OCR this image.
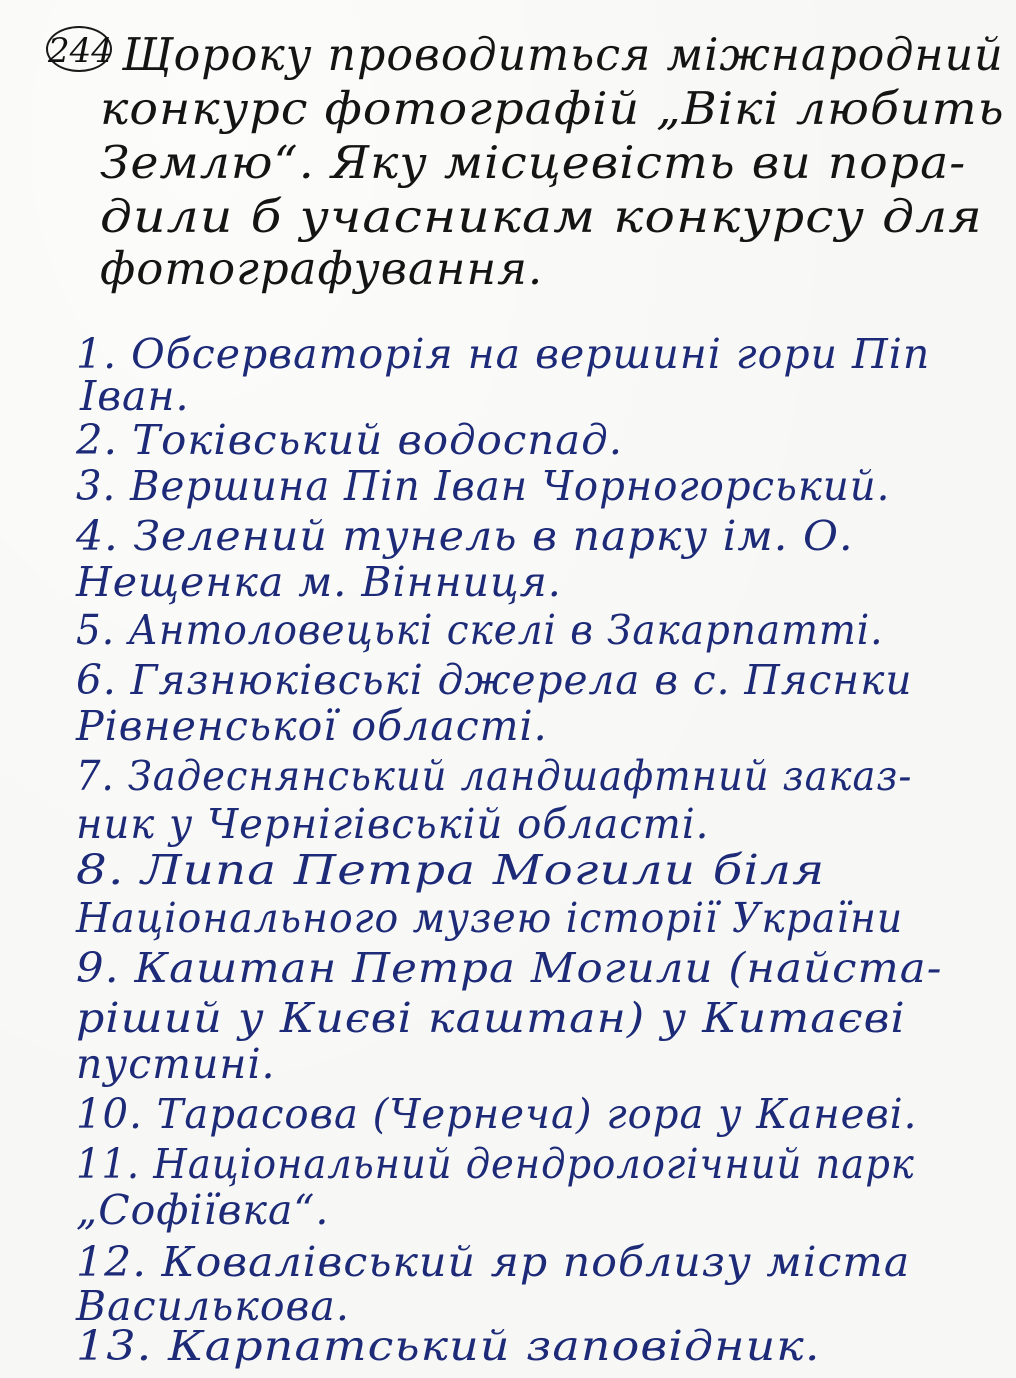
244 Щороку проводиться міжнародний
конкурс фотографій „Вікі любить
Землю“. Яку місцевість ви пора-
дили б учасникам конкурсу для
фотографування.
1. Обсерваторія на вершині гори Піп
Іван.
2. Токівський водоспад.
3. Вершина Піп Іван Чорногорський.
4. Зелений тунель в парку ім. О.
Нещенка м. Вінниця.
5. Антоловецькі скелі в Закарпатті.
6. Гязнюківські джерела в с. Пяснки
Рівненської області.
7. Задеснянський ландшафтний заказ-
ник у Чернігівській області.
8. Липа Петра Могили біля
Національного музею історії України
9. Каштан Петра Могили (найста-
ріший у Києві каштан) у Китаєві
пустині.
10. Тарасова (Чернеча) гора у Каневі.
11. Національний дендрологічний парк
„Софіївка“.
12. Ковалівський яр поблизу міста
Василькова.
13. Карпатський заповідник.
